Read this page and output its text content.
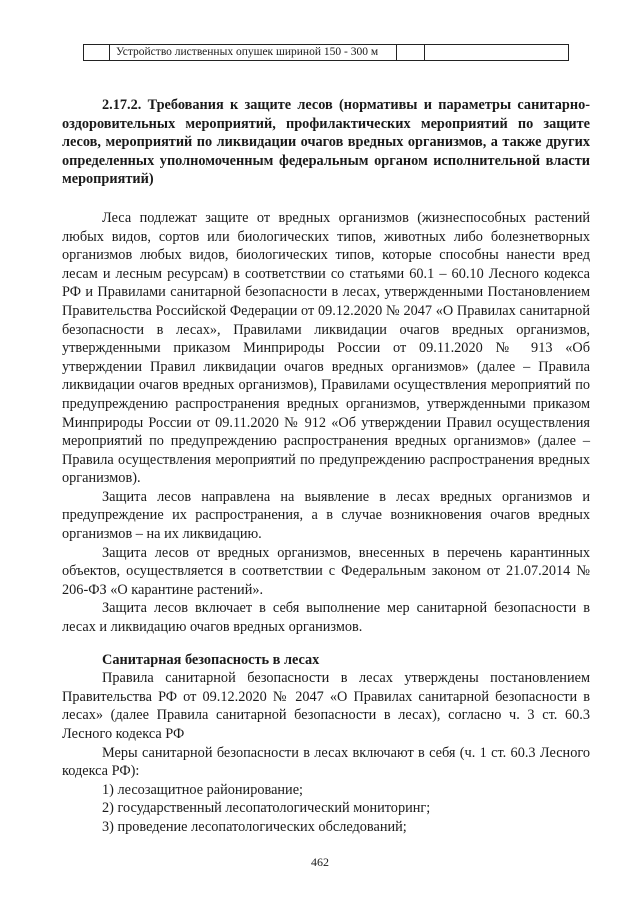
Устройство лиственных опушек шириной 150 - 300 м

2.17.2. Требования к защите лесов (нормативы и параметры санитарно-оздоровительных мероприятий, профилактических мероприятий по защите лесов, мероприятий по ликвидации очагов вредных организмов, а также других определенных уполномоченным федеральным органом исполнительной власти мероприятий)

Леса подлежат защите от вредных организмов (жизнеспособных растений любых видов, сортов или биологических типов, животных либо болезнетворных организмов любых видов, биологических типов, которые способны нанести вред лесам и лесным ресурсам) в соответствии со статьями 60.1 – 60.10 Лесного кодекса РФ и Правилами санитарной безопасности в лесах, утвержденными Постановлением Правительства Российской Федерации от 09.12.2020 № 2047 «О Правилах санитарной безопасности в лесах», Правилами ликвидации очагов вредных организмов, утвержденными приказом Минприроды России от 09.11.2020 № 913 «Об утверждении Правил ликвидации очагов вредных организмов» (далее – Правила ликвидации очагов вредных организмов), Правилами осуществления мероприятий по предупреждению распространения вредных организмов, утвержденными приказом Минприроды России от 09.11.2020 № 912 «Об утверждении Правил осуществления мероприятий по предупреждению распространения вредных организмов» (далее – Правила осуществления мероприятий по предупреждению распространения вредных организмов).

Защита лесов направлена на выявление в лесах вредных организмов и предупреждение их распространения, а в случае возникновения очагов вредных организмов – на их ликвидацию.

Защита лесов от вредных организмов, внесенных в перечень карантинных объектов, осуществляется в соответствии с Федеральным законом от 21.07.2014 № 206-ФЗ «О карантине растений».

Защита лесов включает в себя выполнение мер санитарной безопасности в лесах и ликвидацию очагов вредных организмов.

Санитарная безопасность в лесах

Правила санитарной безопасности в лесах утверждены постановлением Правительства РФ от 09.12.2020 № 2047 «О Правилах санитарной безопасности в лесах» (далее Правила санитарной безопасности в лесах), согласно ч. 3 ст. 60.3 Лесного кодекса РФ

Меры санитарной безопасности в лесах включают в себя (ч. 1 ст. 60.3 Лесного кодекса РФ):

1) лесозащитное районирование;

2) государственный лесопатологический мониторинг;

3) проведение лесопатологических обследований;

462
